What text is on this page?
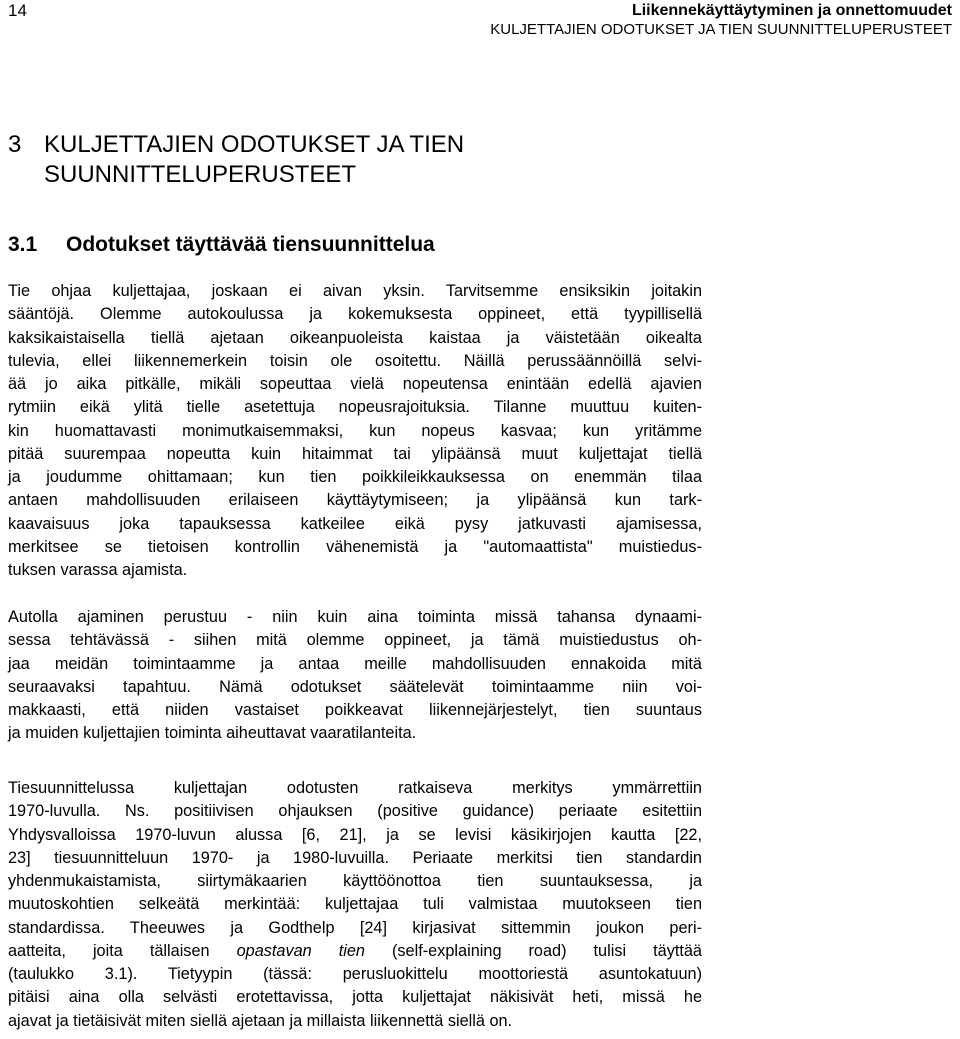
14	Liikennekäyttäytyminen ja onnettomuudet
KULJETTAJIEN ODOTUKSET JA TIEN SUUNNITTELUPERUSTEET
3 KULJETTAJIEN ODOTUKSET JA TIEN
SUUNNITTELUPERUSTEET
3.1 Odotukset täyttävää tiensuunnittelua
Tie ohjaa kuljettajaa, joskaan ei aivan yksin. Tarvitsemme ensiksikin joitakin
sääntöjä. Olemme autokoulussa ja kokemuksesta oppineet, että tyypillisellä
kaksikaistaisella tiellä ajetaan oikeanpuoleista kaistaa ja väistetään oikealta
tulevia, ellei liikennemerkein toisin ole osoitettu. Näillä perussäännöillä selvi-
ää jo aika pitkälle, mikäli sopeuttaa vielä nopeutensa enintään edellä ajavien
rytmiin eikä ylitä tielle asetettuja nopeusrajoituksia. Tilanne muuttuu kuiten-
kin huomattavasti monimutkaisemmaksi, kun nopeus kasvaa; kun yritämme
pitää suurempaa nopeutta kuin hitaimmat tai ylipäänsä muut kuljettajat tiellä
ja joudumme ohittamaan; kun tien poikkileikkauksessa on enemmän tilaa
antaen mahdollisuuden erilaiseen käyttäytymiseen; ja ylipäänsä kun tark-
kaavaisuus joka tapauksessa katkeilee eikä pysy jatkuvasti ajamisessa,
merkitsee se tietoisen kontrollin vähenemistä ja "automaattista" muistiedus-
tuksen varassa ajamista.
Autolla ajaminen perustuu - niin kuin aina toiminta missä tahansa dynaami-
sessa tehtävässä - siihen mitä olemme oppineet, ja tämä muistiedustus oh-
jaa meidän toimintaamme ja antaa meille mahdollisuuden ennakoida mitä
seuraavaksi tapahtuu. Nämä odotukset säätelevät toimintaamme niin voi-
makkaasti, että niiden vastaiset poikkeavat liikennejärjestelyt, tien suuntaus
ja muiden kuljettajien toiminta aiheuttavat vaaratilanteita.
Tiesuunnittelussa kuljettajan odotusten ratkaiseva merkitys ymmärrettiin
1970-luvulla. Ns. positiivisen ohjauksen (positive guidance) periaate esitettiin
Yhdysvalloissa 1970-luvun alussa [6, 21], ja se levisi käsikirjojen kautta [22,
23] tiesuunnitteluun 1970- ja 1980-luvuilla. Periaate merkitsi tien standardin
yhdenmukaistamista, siirtymäkaarien käyttöönottoa tien suuntauksessa, ja
muutoskohtien selkeätä merkintää: kuljettajaa tuli valmistaa muutokseen tien
standardissa. Theeuwes ja Godthelp [24] kirjasivat sittemmin joukon peri-
aatteita, joita tällaisen opastavan tien (self-explaining road) tulisi täyttää
(taulukko 3.1). Tietyypin (tässä: perusluokittelu moottoriestä asuntokatuun)
pitäisi aina olla selvästi erotettavissa, jotta kuljettajat näkisivät heti, missä he
ajavat ja tietäisivät miten siellä ajetaan ja millaista liikennettä siellä on.
